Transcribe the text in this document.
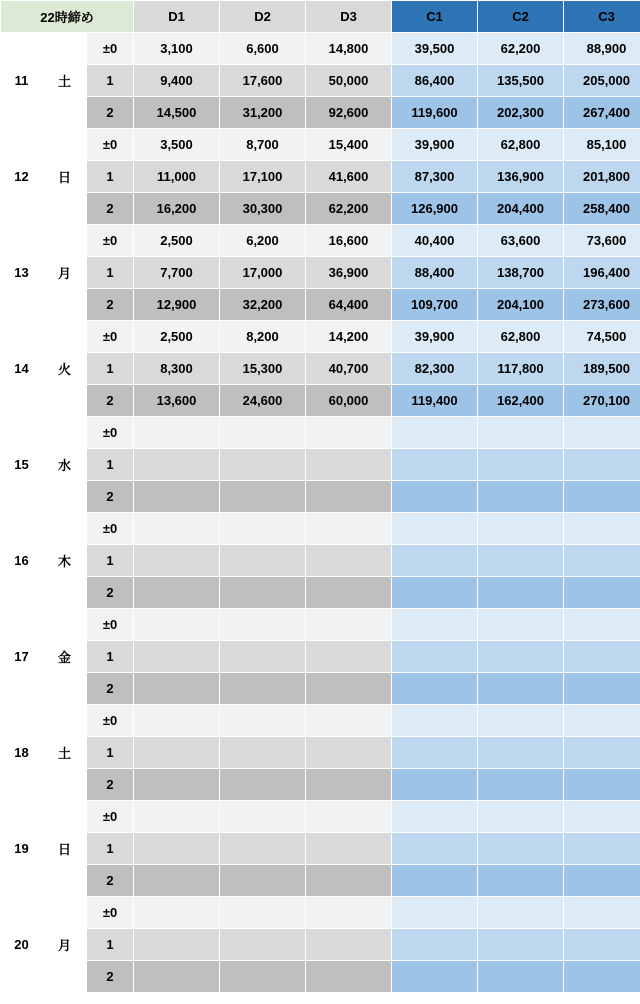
22時締め			D1	D2	D3	C1	C2	C3
11	土	±0	3,100	6,600	14,800	39,500	62,200	88,900
		1	9,400	17,600	50,000	86,400	135,500	205,000
		2	14,500	31,200	92,600	119,600	202,300	267,400
12	日	±0	3,500	8,700	15,400	39,900	62,800	85,100
		1	11,000	17,100	41,600	87,300	136,900	201,800
		2	16,200	30,300	62,200	126,900	204,400	258,400
13	月	±0	2,500	6,200	16,600	40,400	63,600	73,600
		1	7,700	17,000	36,900	88,400	138,700	196,400
		2	12,900	32,200	64,400	109,700	204,100	273,600
14	火	±0	2,500	8,200	14,200	39,900	62,800	74,500
		1	8,300	15,300	40,700	82,300	117,800	189,500
		2	13,600	24,600	60,000	119,400	162,400	270,100
15	水	±0						
		1						
		2						
16	木	±0						
		1						
		2						
17	金	±0						
		1						
		2						
18	土	±0						
		1						
		2						
19	日	±0						
		1						
		2						
20	月	±0						
		1						
		2						
